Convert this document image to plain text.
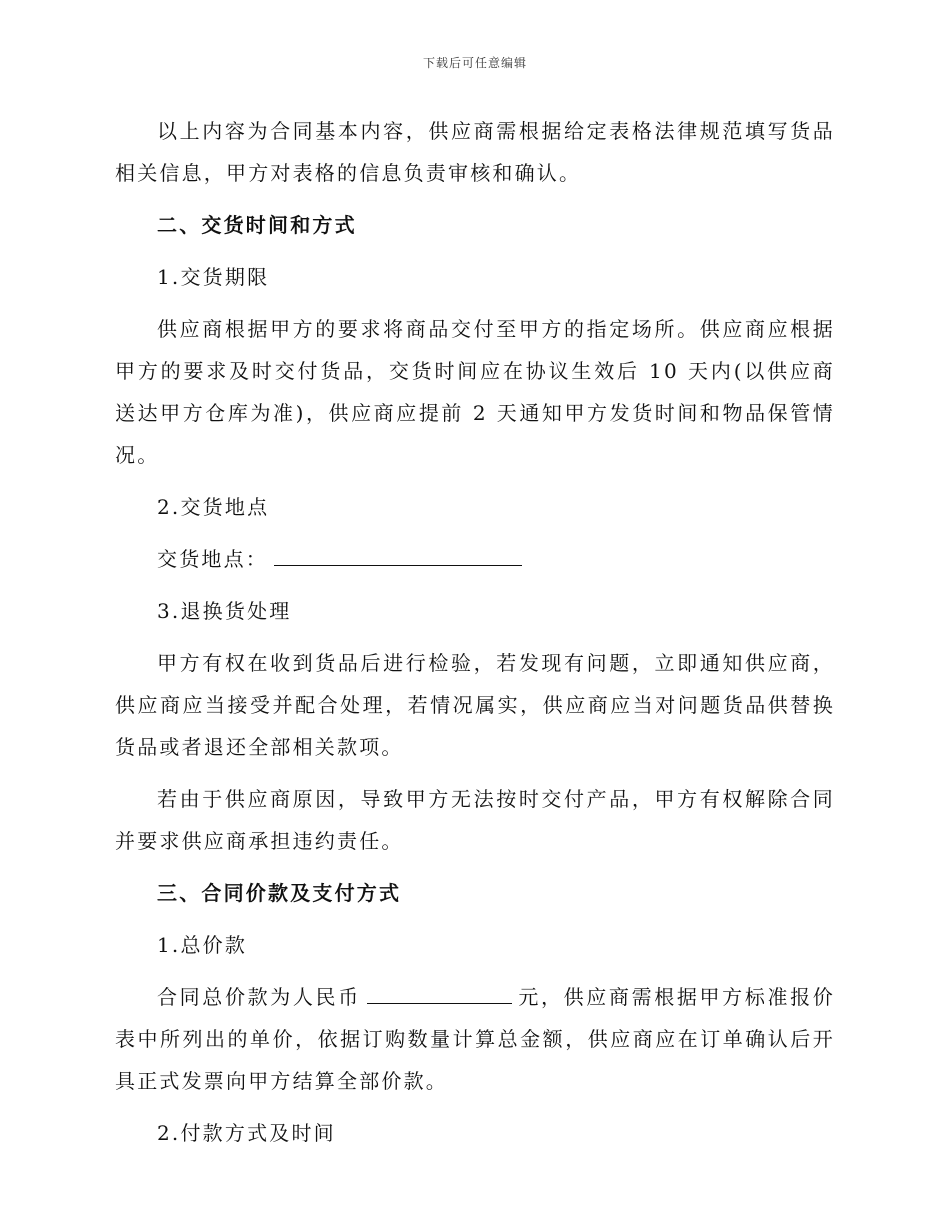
下载后可任意编辑

以上内容为合同基本内容，供应商需根据给定表格法律规范填写货品相关信息，甲方对表格的信息负责审核和确认。

二、交货时间和方式

1.交货期限

供应商根据甲方的要求将商品交付至甲方的指定场所。供应商应根据甲方的要求及时交付货品，交货时间应在协议生效后 10 天内(以供应商送达甲方仓库为准)，供应商应提前 2 天通知甲方发货时间和物品保管情况。

2.交货地点

交货地点：

3.退换货处理

甲方有权在收到货品后进行检验，若发现有问题，立即通知供应商，供应商应当接受并配合处理，若情况属实，供应商应当对问题货品供替换货品或者退还全部相关款项。

若由于供应商原因，导致甲方无法按时交付产品，甲方有权解除合同并要求供应商承担违约责任。

三、合同价款及支付方式

1.总价款

合同总价款为人民币	元，供应商需根据甲方标准报价表中所列出的单价，依据订购数量计算总金额，供应商应在订单确认后开具正式发票向甲方结算全部价款。

2.付款方式及时间
